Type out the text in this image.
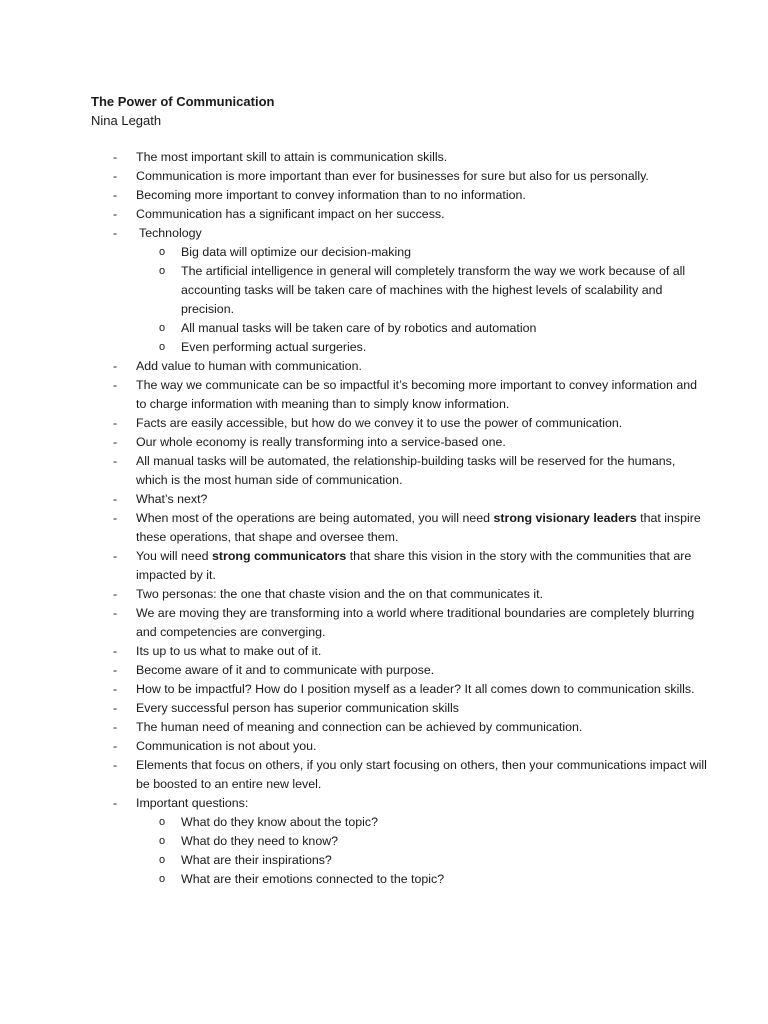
The Power of Communication

Nina Legath

- The most important skill to attain is communication skills.
- Communication is more important than ever for businesses for sure but also for us personally.
- Becoming more important to convey information than to no information.
- Communication has a significant impact on her success.
- Technology
o Big data will optimize our decision-making
o The artificial intelligence in general will completely transform the way we work because of all accounting tasks will be taken care of machines with the highest levels of scalability and precision.
o All manual tasks will be taken care of by robotics and automation
o Even performing actual surgeries.
- Add value to human with communication.
- The way we communicate can be so impactful it’s becoming more important to convey information and to charge information with meaning than to simply know information.
- Facts are easily accessible, but how do we convey it to use the power of communication.
- Our whole economy is really transforming into a service-based one.
- All manual tasks will be automated, the relationship-building tasks will be reserved for the humans, which is the most human side of communication.
- What’s next?
- When most of the operations are being automated, you will need strong visionary leaders that inspire these operations, that shape and oversee them.
- You will need strong communicators that share this vision in the story with the communities that are impacted by it.
- Two personas: the one that chaste vision and the on that communicates it.
- We are moving they are transforming into a world where traditional boundaries are completely blurring and competencies are converging.
- Its up to us what to make out of it.
- Become aware of it and to communicate with purpose.
- How to be impactful? How do I position myself as a leader? It all comes down to communication skills.
- Every successful person has superior communication skills
- The human need of meaning and connection can be achieved by communication.
- Communication is not about you.
- Elements that focus on others, if you only start focusing on others, then your communications impact will be boosted to an entire new level.
- Important questions:
o What do they know about the topic?
o What do they need to know?
o What are their inspirations?
o What are their emotions connected to the topic?
